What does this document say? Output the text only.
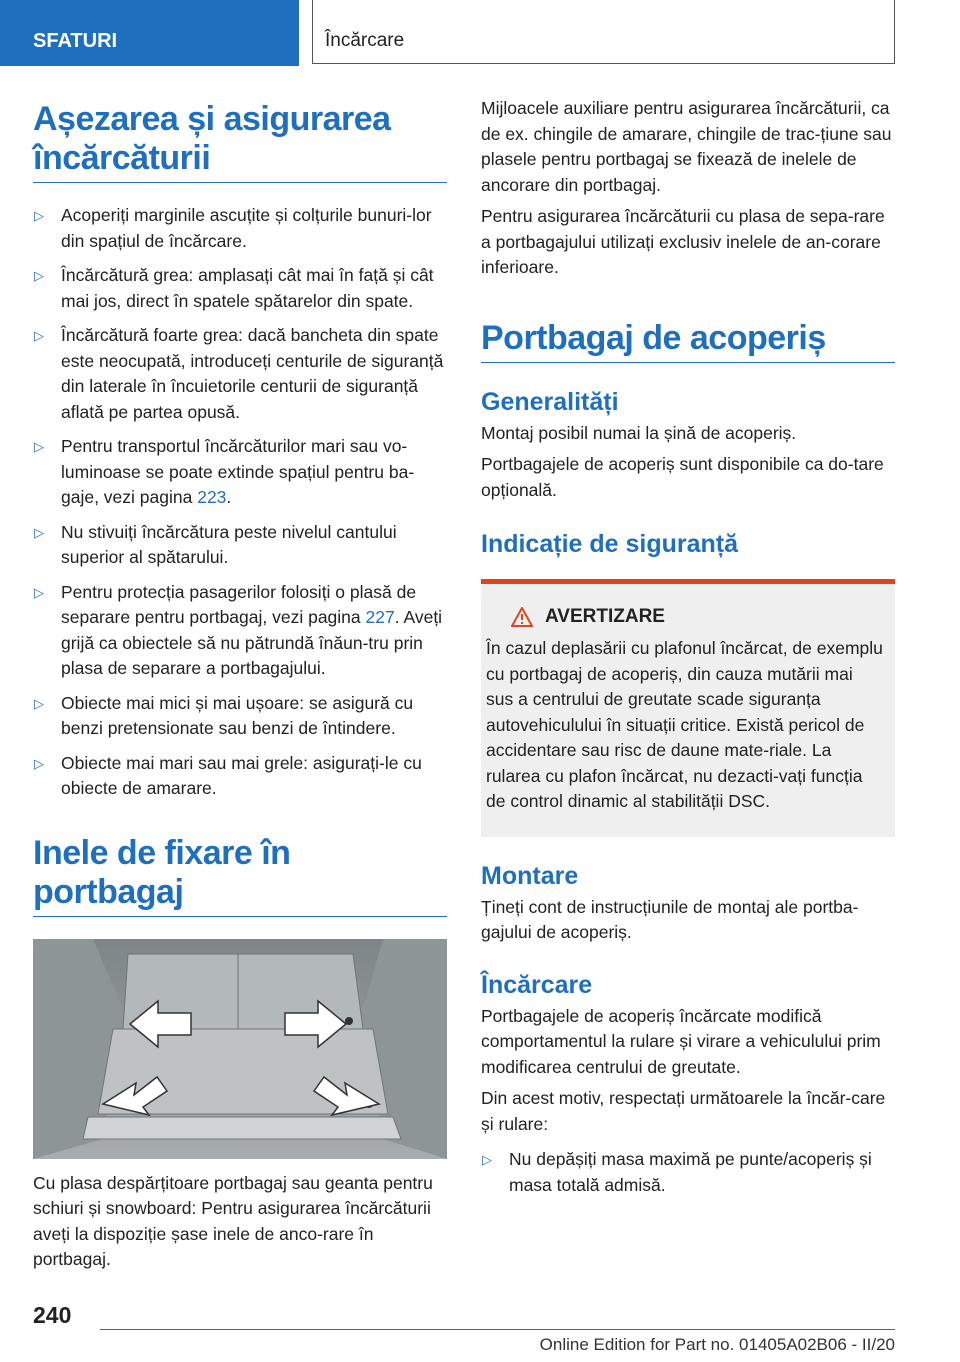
SFATURI	Încărcare
Așezarea și asigurarea încărcăturii
▷ Acoperiți marginile ascuțite și colțurile bunuri-lor din spațiul de încărcare.
▷ Încărcătură grea: amplasați cât mai în față și cât mai jos, direct în spatele spătarelor din spate.
▷ Încărcătură foarte grea: dacă bancheta din spate este neocupată, introduceți centurile de siguranță din laterale în încuietorile centurii de siguranță aflată pe partea opusă.
▷ Pentru transportul încărcăturilor mari sau vo-luminoase se poate extinde spațiul pentru ba-gaje, vezi pagina 223.
▷ Nu stivuiți încărcătura peste nivelul cantului superior al spătarului.
▷ Pentru protecția pasagerilor folosiți o plasă de separare pentru portbagaj, vezi pagina 227. Aveți grijă ca obiectele să nu pătrundă înăun-tru prin plasa de separare a portbagajului.
▷ Obiecte mai mici și mai ușoare: se asigură cu benzi pretensionate sau benzi de întindere.
▷ Obiecte mai mari sau mai grele: asigurați-le cu obiecte de amarare.
Inele de fixare în portbagaj

Cu plasa despărțitoare portbagaj sau geanta pentru schiuri și snowboard: Pentru asigurarea încărcăturii aveți la dispoziție șase inele de anco-rare în portbagaj.

Mijloacele auxiliare pentru asigurarea încărcăturii, ca de ex. chingile de amarare, chingile de trac-țiune sau plasele pentru portbagaj se fixează de inelele de ancorare din portbagaj.

Pentru asigurarea încărcăturii cu plasa de sepa-rare a portbagajului utilizați exclusiv inelele de an-corare inferioare.

Portbagaj de acoperiș
Generalități

Montaj posibil numai la șină de acoperiș.

Portbagajele de acoperiș sunt disponibile ca do-tare opțională.

Indicație de siguranță
AVERTIZARE

În cazul deplasării cu plafonul încărcat, de exemplu cu portbagaj de acoperiș, din cauza mutării mai sus a centrului de greutate scade siguranța autovehiculului în situații critice. Există pericol de accidentare sau risc de daune mate-riale. La rularea cu plafon încărcat, nu dezacti-vați funcția de control dinamic al stabilității DSC.

Montare

Țineți cont de instrucțiunile de montaj ale portba-gajului de acoperiș.

Încărcare

Portbagajele de acoperiș încărcate modifică comportamentul la rulare și virare a vehiculului prim modificarea centrului de greutate.

Din acest motiv, respectați următoarele la încăr-care și rulare:

▷ Nu depășiți masa maximă pe punte/acoperiș și masa totală admisă.
240
Online Edition for Part no. 01405A02B06 - II/20
